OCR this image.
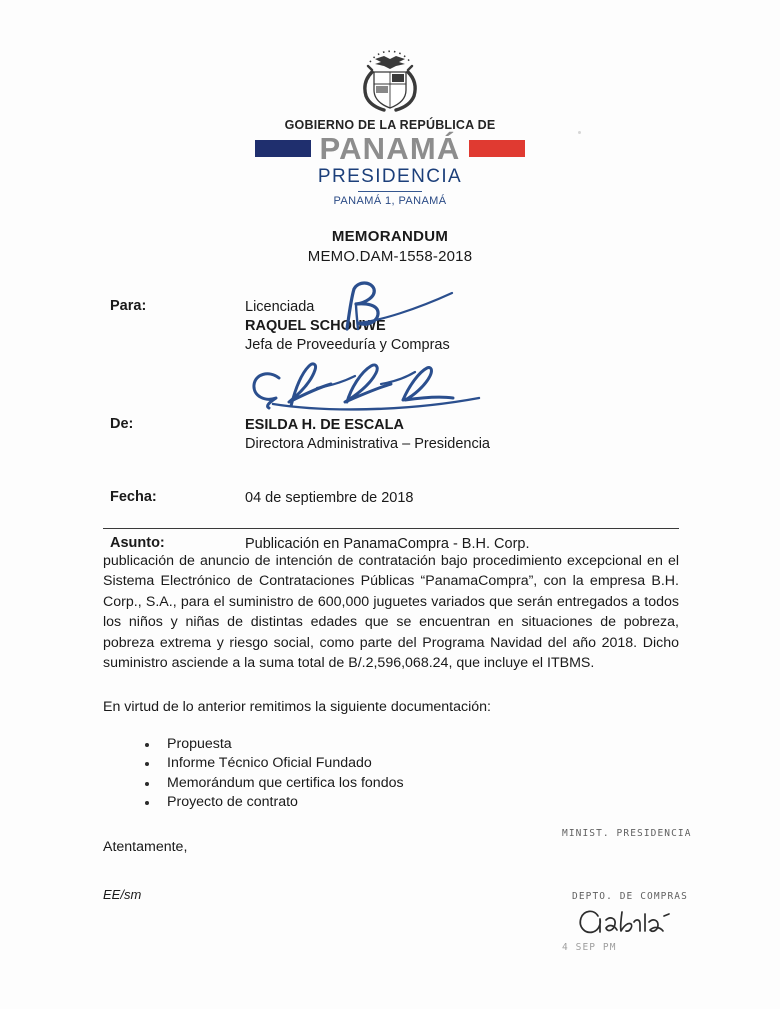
GOBIERNO DE LA REPÚBLICA DE
PANAMÁ
PRESIDENCIA
PANAMÁ 1, PANAMÁ
MEMORANDUM
MEMO.DAM-1558-2018
Para:	Licenciada
RAQUEL SCHOUWE
Jefa de Proveeduría y Compras
De:	ESILDA H. DE ESCALA
Directora Administrativa – Presidencia
Fecha:	04 de septiembre de 2018
Asunto:	Publicación en PanamaCompra - B.H. Corp.

publicación de anuncio de intención de contratación bajo procedimiento excepcional en el Sistema Electrónico de Contrataciones Públicas “PanamaCompra”, con la empresa B.H. Corp., S.A., para el suministro de 600,000 juguetes variados que serán entregados a todos los niños y niñas de distintas edades que se encuentran en situaciones de pobreza, pobreza extrema y riesgo social, como parte del Programa Navidad del año 2018. Dicho suministro asciende a la suma total de B/.2,596,068.24, que incluye el ITBMS.

En virtud de lo anterior remitimos la siguiente documentación:

Propuesta
Informe Técnico Oficial Fundado
Memorándum que certifica los fondos
Proyecto de contrato

Atentamente,

EE/sm

MINIST. PRESIDENCIA
DEPTO. DE COMPRAS
4 SEP PM
